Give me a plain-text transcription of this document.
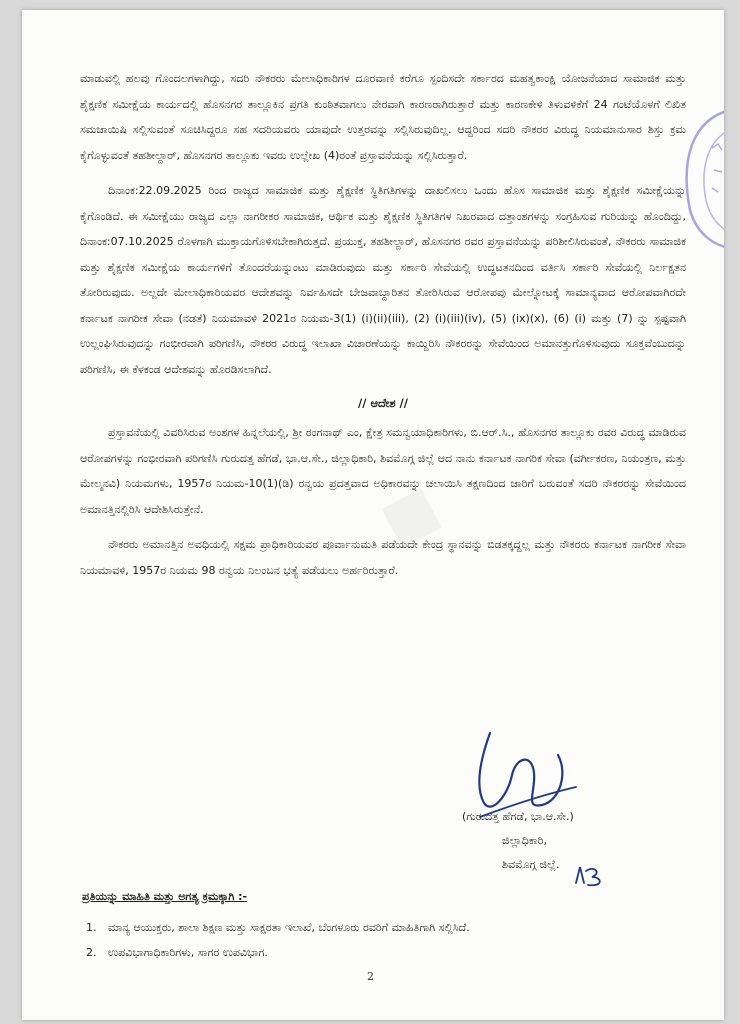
■

ಮಾಡುವಲ್ಲಿ ಹಲವು ಗೊಂದಲಗಳಾಗಿದ್ದು, ಸದರಿ ನೌಕರರು ಮೇಲಾಧಿಕಾರಿಗಳ ದೂರವಾಣಿ ಕರೆಗೂ ಸ್ಪಂದಿಸದೇ ಸರ್ಕಾರದ ಮಹತ್ವಕಾಂಕ್ಷಿ ಯೋಜನೆಯಾದ ಸಾಮಾಜಿಕ ಮತ್ತು ಶೈಕ್ಷಣಿಕ ಸಮೀಕ್ಷೆಯ ಕಾರ್ಯದಲ್ಲಿ ಹೊಸನಗರ ತಾಲ್ಲೂಕಿನ ಪ್ರಗತಿ ಕುಂಠಿತವಾಗಲು ನೇರವಾಗಿ ಕಾರಣರಾಗಿರುತ್ತಾರೆ ಮತ್ತು ಕಾರಣಕೇಳಿ ತಿಳುವಳಿಕೆಗೆ 24 ಗಂಟೆಯೊಳಗೆ ಲಿಖಿತ ಸಮಜಾಯಿಷಿ ಸಲ್ಲಿಸುವಂತೆ ಸೂಚಿಸಿದ್ದರೂ ಸಹ ಸದರಿಯವರು ಯಾವುದೇ ಉತ್ತರವನ್ನು ಸಲ್ಲಿಸಿರುವುದಿಲ್ಲ. ಆದ್ದರಿಂದ ಸದರಿ ನೌಕರರ ವಿರುದ್ಧ ನಿಯಮಾನುಸಾರ ಶಿಸ್ತು ಕ್ರಮ ಕೈಗೊಳ್ಳುವಂತೆ ತಹಶೀಲ್ದಾರ್, ಹೊಸನಗರ ತಾಲ್ಲೂಕು ಇವರು ಉಲ್ಲೇಖ (4)ರಂತೆ ಪ್ರಸ್ತಾವನೆಯನ್ನು ಸಲ್ಲಿಸಿರುತ್ತಾರೆ.

ದಿನಾಂಕ:22.09.2025 ರಿಂದ ರಾಜ್ಯದ ಸಾಮಾಜಿಕ ಮತ್ತು ಶೈಕ್ಷಣಿಕ ಸ್ಥಿತಿಗತಿಗಳನ್ನು ದಾಖಲಿಸಲು ಒಂದು ಹೊಸ ಸಾಮಾಜಿಕ ಮತ್ತು ಶೈಕ್ಷಣಿಕ ಸಮೀಕ್ಷೆಯನ್ನು ಕೈಗೊಂಡಿದೆ. ಈ ಸಮೀಕ್ಷೆಯು ರಾಜ್ಯದ ಎಲ್ಲಾ ನಾಗರೀಕರ ಸಾಮಾಜಿಕ, ಆರ್ಥಿಕ ಮತ್ತು ಶೈಕ್ಷಣಿಕ ಸ್ಥಿತಿಗತಿಗಳ ನಿಖರವಾದ ದತ್ತಾಂಶಗಳನ್ನು ಸಂಗ್ರಹಿಸುವ ಗುರಿಯನ್ನು ಹೊಂದಿದ್ದು, ದಿನಾಂಕ:07.10.2025 ರೊಳಗಾಗಿ ಮುಕ್ತಾಯಗೊಳಿಸಬೇಕಾಗಿರುತ್ತದೆ. ಪ್ರಯುಕ್ತ, ತಹಶೀಲ್ದಾರ್, ಹೊಸನಗರ ರವರ ಪ್ರಸ್ತಾವನೆಯನ್ನು ಪರಿಶೀಲಿಸಿರುವಂತೆ, ನೌಕರರು ಸಾಮಾಜಿಕ ಮತ್ತು ಶೈಕ್ಷಣಿಕ ಸಮೀಕ್ಷೆಯ ಕಾರ್ಯಗಳಿಗೆ ತೊಂದರೆಯನ್ನುಂಟು ಮಾಡಿರುವುದು ಮತ್ತು ಸರ್ಕಾರಿ ಸೇವೆಯಲ್ಲಿ ಉದ್ಧಟತನದಿಂದ ವರ್ತಿಸಿ ಸರ್ಕಾರಿ ಸೇವೆಯಲ್ಲಿ ನಿರ್ಲಕ್ಷತನ ತೋರಿರುವುದು. ಅಲ್ಲದೇ ಮೇಲಾಧಿಕಾರಿಯವರ ಆದೇಶವನ್ನು ನಿರ್ವಹಿಸದೇ ಬೇಜವಾಬ್ದಾರಿತನ ತೋರಿಸಿರುವ ಆರೋಪವು ಮೇಲ್ನೋಟಕ್ಕೆ ಸಾಮಾನ್ಯವಾದ ಆರೋಪವಾಗಿರದೇ ಕರ್ನಾಟಕ ನಾಗರೀಕ ಸೇವಾ (ನಡತೆ) ನಿಯಮಾವಳಿ 2021ರ ನಿಯಮ-3(1) (i)(ii)(iii), (2) (i)(iii)(iv), (5) (ix)(x), (6) (i) ಮತ್ತು (7) ನ್ನು ಸ್ಪಷ್ಟವಾಗಿ ಉಲ್ಲಂಘಿಸಿರುವುದನ್ನು ಗಂಭೀರವಾಗಿ ಪರಿಗಣಿಸಿ, ನೌಕರರ ವಿರುದ್ಧ ಇಲಾಖಾ ವಿಚಾರಣೆಯನ್ನು ಕಾಯ್ದಿರಿಸಿ ನೌಕರರನ್ನು ಸೇವೆಯಿಂದ ಅಮಾನತ್ತುಗೊಳಿಸುವುದು ಸೂಕ್ತವೆಂಬುದನ್ನು ಪರಿಗಣಿಸಿ, ಈ ಕೆಳಕಂಡ ಆದೇಶವನ್ನು ಹೊರಡಿಸಲಾಗಿದೆ.

// ಆದೇಶ //

ಪ್ರಸ್ತಾವನೆಯಲ್ಲಿ ವಿವರಿಸಿರುವ ಅಂಶಗಳ ಹಿನ್ನಲೆಯಲ್ಲಿ, ಶ್ರೀ ರಂಗನಾಥ್ ಎಂ, ಕ್ಷೇತ್ರ ಸಮನ್ವಯಾಧಿಕಾರಿಗಳು, ಬಿ.ಆರ್.ಸಿ., ಹೊಸನಗರ ತಾಲ್ಲೂಕು ರವರ ವಿರುದ್ಧ ಮಾಡಿರುವ ಆರೋಪಗಳನ್ನು ಗಂಭೀರವಾಗಿ ಪರಿಗಣಿಸಿ ಗುರುದತ್ತ ಹೆಗಡೆ, ಭಾ.ಆ.ಸೇ., ಜಿಲ್ಲಾಧಿಕಾರಿ, ಶಿವಮೊಗ್ಗ ಜಿಲ್ಲೆ ಆದ ನಾನು ಕರ್ನಾಟಕ ನಾಗರಿಕ ಸೇವಾ (ವರ್ಗೀಕರಣ, ನಿಯಂತ್ರಣ, ಮತ್ತು ಮೇಲ್ಮನವಿ) ನಿಯಮಗಳು, 1957ರ ನಿಯಮ-10(1)(ಡಿ) ರನ್ವಯ ಪ್ರದತ್ತವಾದ ಅಧಿಕಾರವನ್ನು ಚಲಾಯಿಸಿ ತಕ್ಷಣದಿಂದ ಜಾರಿಗೆ ಬರುವಂತೆ ಸದರಿ ನೌಕರರನ್ನು ಸೇವೆಯಿಂದ ಅಮಾನತ್ತಿನಲ್ಲಿರಿಸಿ ಆದೇಶಿಸಿರುತ್ತೇನೆ.

ನೌಕರರು ಅಮಾನತ್ತಿನ ಅವಧಿಯಲ್ಲಿ ಸಕ್ಷಮ ಪ್ರಾಧಿಕಾರಿಯವರ ಪೂರ್ವಾನುಮತಿ ಪಡೆಯದೇ ಕೇಂದ್ರ ಸ್ಥಾನವನ್ನು ಬಿಡತಕ್ಕದ್ದಲ್ಲ ಮತ್ತು ನೌಕರರು ಕರ್ನಾಟಕ ನಾಗರೀಕ ಸೇವಾ ನಿಯಮಾವಳಿ, 1957ರ ನಿಯಮ 98 ರನ್ವಯ ನಿಲಂಬನ ಭತ್ಯೆ ಪಡೆಯಲು ಅರ್ಹರಿರುತ್ತಾರೆ.

(ಗುರುದತ್ತ ಹೆಗಡೆ, ಭಾ.ಆ.ಸೇ.)
ಜಿಲ್ಲಾಧಿಕಾರಿ,
ಶಿವಮೊಗ್ಗ ಜಿಲ್ಲೆ.
ಪ್ರತಿಯನ್ನು ಮಾಹಿತಿ ಮತ್ತು ಅಗತ್ಯ ಕ್ರಮಕ್ಕಾಗಿ :-
1. ಮಾನ್ಯ ಆಯುಕ್ತರು, ಶಾಲಾ ಶಿಕ್ಷಣ ಮತ್ತು ಸಾಕ್ಷರತಾ ಇಲಾಖೆ, ಬೆಂಗಳೂರು ರವರಿಗೆ ಮಾಹಿತಿಗಾಗಿ ಸಲ್ಲಿಸಿದೆ.
2. ಉಪವಿಭಾಗಾಧಿಕಾರಿಗಳು, ಸಾಗರ ಉಪವಿಭಾಗ.
2
